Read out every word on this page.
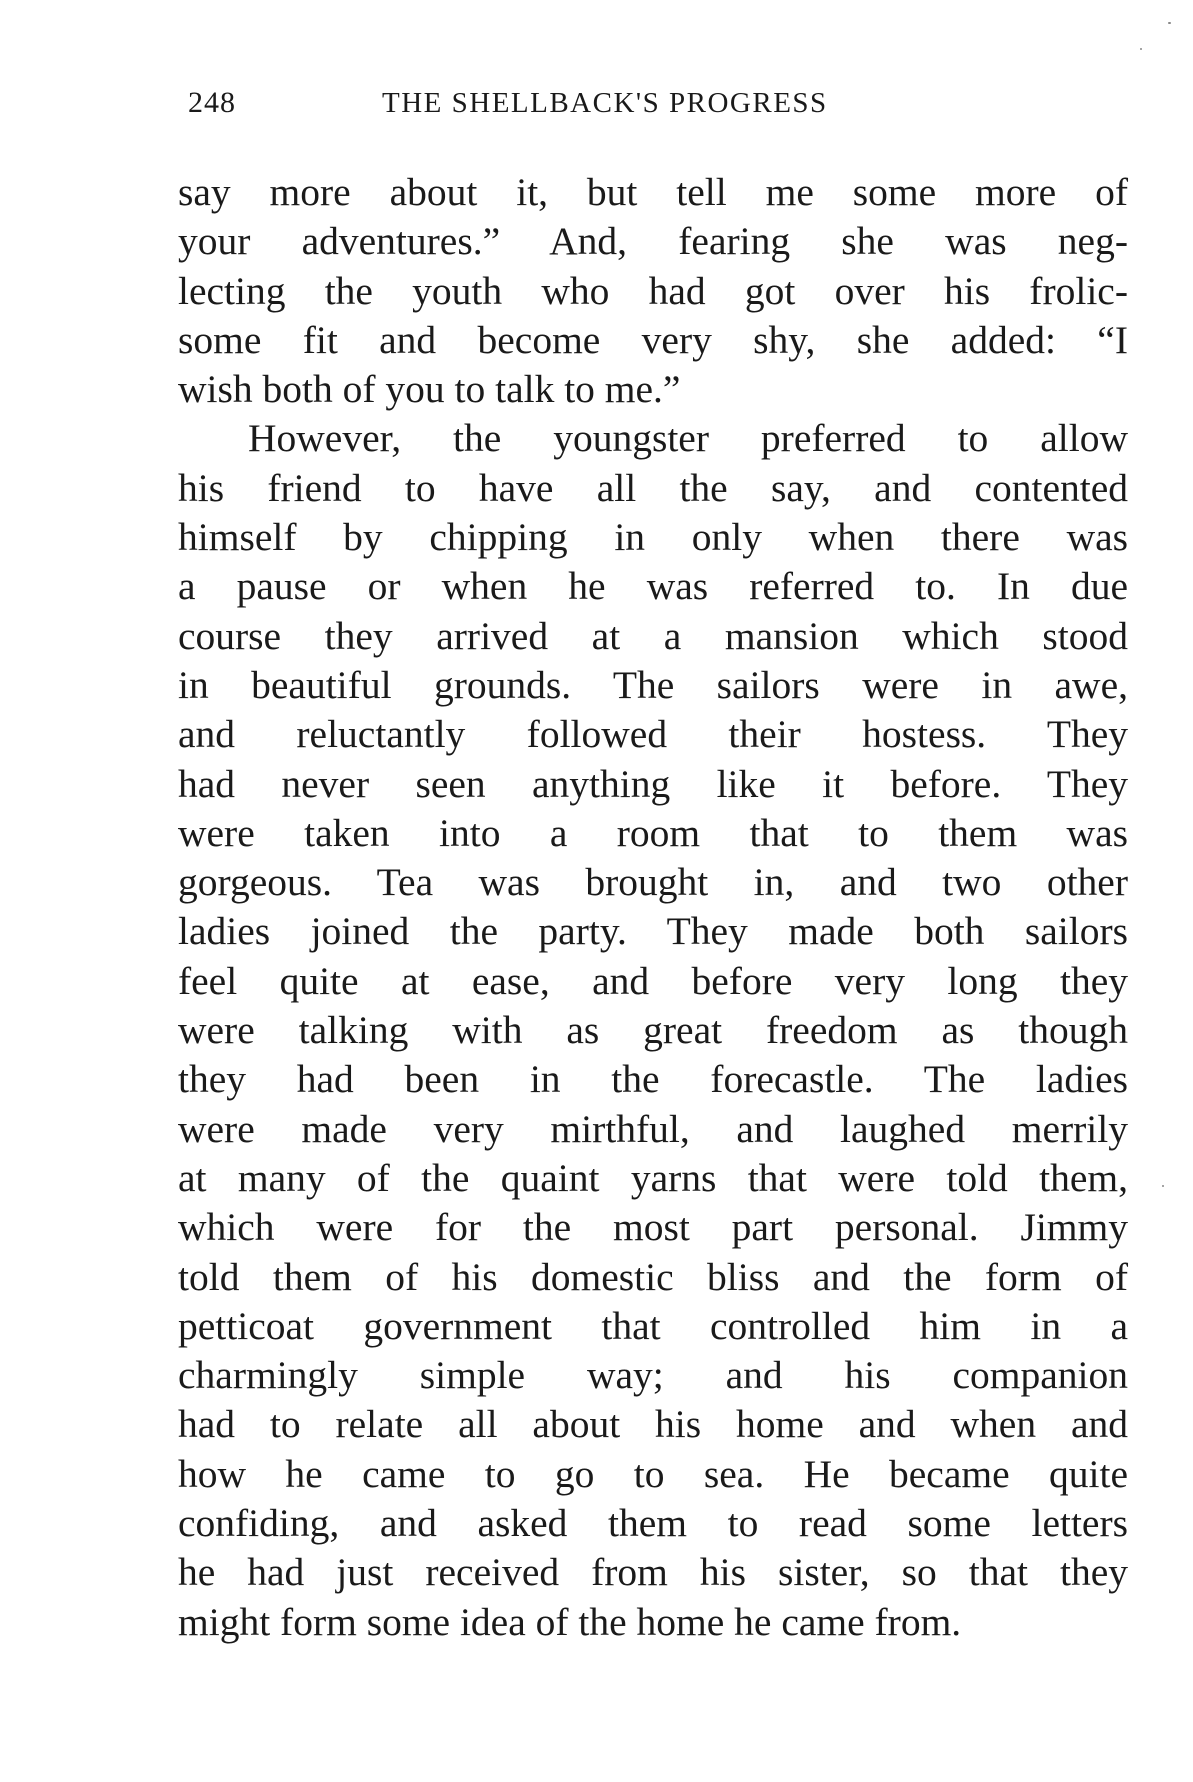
248	THE SHELLBACK'S PROGRESS
say more about it, but tell me some more of
your adventures.” And, fearing she was neg-
lecting the youth who had got over his frolic-
some fit and become very shy, she added: “I
wish both of you to talk to me.”
However, the youngster preferred to allow
his friend to have all the say, and contented
himself by chipping in only when there was
a pause or when he was referred to. In due
course they arrived at a mansion which stood
in beautiful grounds. The sailors were in awe,
and reluctantly followed their hostess. They
had never seen anything like it before. They
were taken into a room that to them was
gorgeous. Tea was brought in, and two other
ladies joined the party. They made both sailors
feel quite at ease, and before very long they
were talking with as great freedom as though
they had been in the forecastle. The ladies
were made very mirthful, and laughed merrily
at many of the quaint yarns that were told them,
which were for the most part personal. Jimmy
told them of his domestic bliss and the form of
petticoat government that controlled him in a
charmingly simple way; and his companion
had to relate all about his home and when and
how he came to go to sea. He became quite
confiding, and asked them to read some letters
he had just received from his sister, so that they
might form some idea of the home he came from.
